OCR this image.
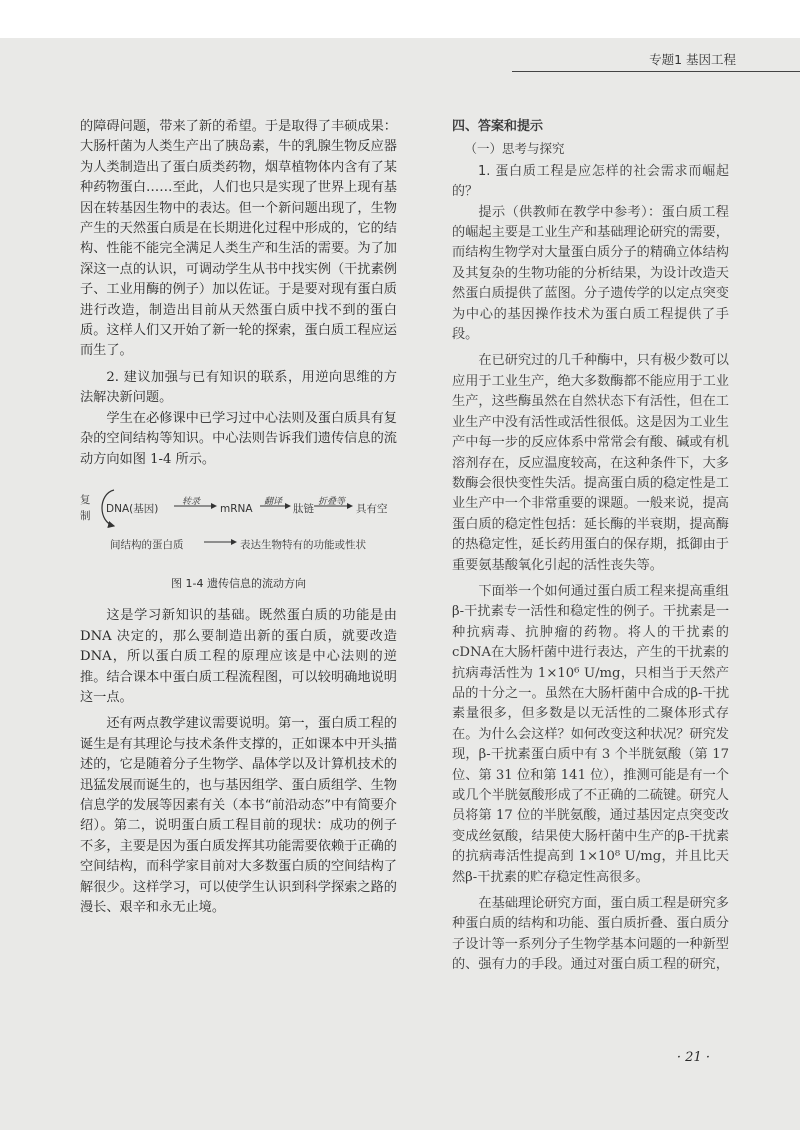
专题1 基因工程

的障碍问题，带来了新的希望。于是取得了丰硕成果：大肠杆菌为人类生产出了胰岛素，牛的乳腺生物反应器为人类制造出了蛋白质类药物，烟草植物体内含有了某种药物蛋白……至此，人们也只是实现了世界上现有基因在转基因生物中的表达。但一个新问题出现了，生物产生的天然蛋白质是在长期进化过程中形成的，它的结构、性能不能完全满足人类生产和生活的需要。为了加深这一点的认识，可调动学生从书中找实例（干扰素例子、工业用酶的例子）加以佐证。于是要对现有蛋白质进行改造，制造出目前从天然蛋白质中找不到的蛋白质。这样人们又开始了新一轮的探索，蛋白质工程应运而生了。

2. 建议加强与已有知识的联系，用逆向思维的方法解决新问题。

学生在必修课中已学习过中心法则及蛋白质具有复杂的空间结构等知识。中心法则告诉我们遗传信息的流动方向如图 1-4 所示。

复
制
DNA(基因)
转录
mRNA
翻译
肽链
折叠等
具有空
间结构的蛋白质	表达生物特有的功能或性状
图 1-4 遗传信息的流动方向

这是学习新知识的基础。既然蛋白质的功能是由 DNA 决定的，那么要制造出新的蛋白质，就要改造 DNA，所以蛋白质工程的原理应该是中心法则的逆推。结合课本中蛋白质工程流程图，可以较明确地说明这一点。

还有两点教学建议需要说明。第一，蛋白质工程的诞生是有其理论与技术条件支撑的，正如课本中开头描述的，它是随着分子生物学、晶体学以及计算机技术的迅猛发展而诞生的，也与基因组学、蛋白质组学、生物信息学的发展等因素有关（本书“前沿动态”中有简要介绍）。第二，说明蛋白质工程目前的现状：成功的例子不多，主要是因为蛋白质发挥其功能需要依赖于正确的空间结构，而科学家目前对大多数蛋白质的空间结构了解很少。这样学习，可以使学生认识到科学探索之路的漫长、艰辛和永无止境。

四、答案和提示
（一）思考与探究

1. 蛋白质工程是应怎样的社会需求而崛起的？

提示（供教师在教学中参考）：蛋白质工程的崛起主要是工业生产和基础理论研究的需要，而结构生物学对大量蛋白质分子的精确立体结构及其复杂的生物功能的分析结果，为设计改造天然蛋白质提供了蓝图。分子遗传学的以定点突变为中心的基因操作技术为蛋白质工程提供了手段。

在已研究过的几千种酶中，只有极少数可以应用于工业生产，绝大多数酶都不能应用于工业生产，这些酶虽然在自然状态下有活性，但在工业生产中没有活性或活性很低。这是因为工业生产中每一步的反应体系中常常会有酸、碱或有机溶剂存在，反应温度较高，在这种条件下，大多数酶会很快变性失活。提高蛋白质的稳定性是工业生产中一个非常重要的课题。一般来说，提高蛋白质的稳定性包括：延长酶的半衰期，提高酶的热稳定性，延长药用蛋白的保存期，抵御由于重要氨基酸氧化引起的活性丧失等。

下面举一个如何通过蛋白质工程来提高重组β-干扰素专一活性和稳定性的例子。干扰素是一种抗病毒、抗肿瘤的药物。将人的干扰素的cDNA在大肠杆菌中进行表达，产生的干扰素的抗病毒活性为 1×10⁶ U/mg，只相当于天然产品的十分之一。虽然在大肠杆菌中合成的β-干扰素量很多，但多数是以无活性的二聚体形式存在。为什么会这样？如何改变这种状况？研究发现，β-干扰素蛋白质中有 3 个半胱氨酸（第 17 位、第 31 位和第 141 位），推测可能是有一个或几个半胱氨酸形成了不正确的二硫键。研究人员将第 17 位的半胱氨酸，通过基因定点突变改变成丝氨酸，结果使大肠杆菌中生产的β-干扰素的抗病毒活性提高到 1×10⁸ U/mg，并且比天然β-干扰素的贮存稳定性高很多。

在基础理论研究方面，蛋白质工程是研究多种蛋白质的结构和功能、蛋白质折叠、蛋白质分子设计等一系列分子生物学基本问题的一种新型的、强有力的手段。通过对蛋白质工程的研究，

· 21 ·
